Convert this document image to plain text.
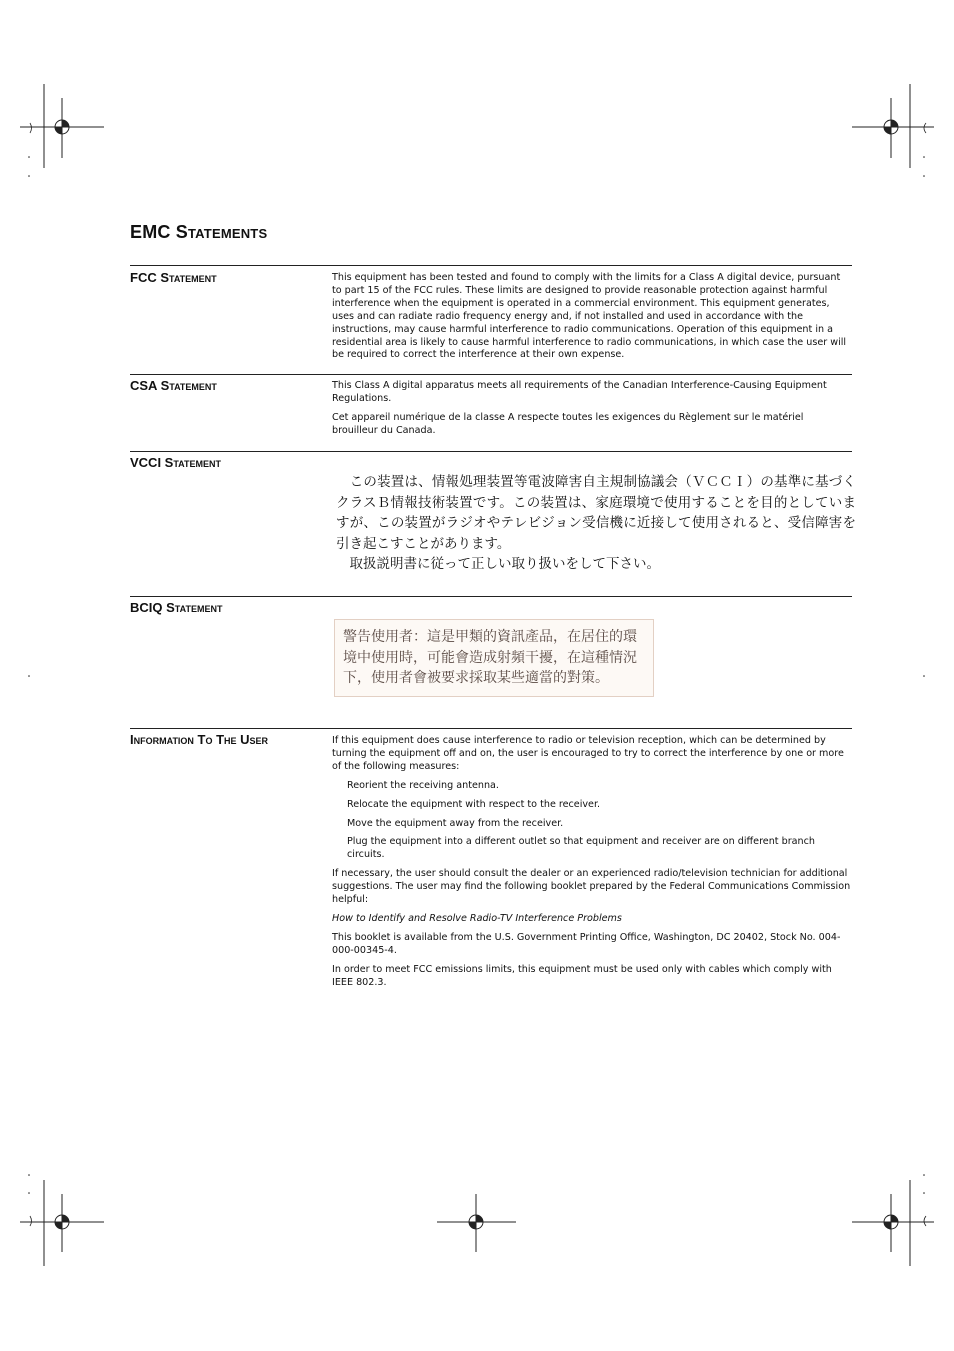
EMC Statements
FCC Statement	This equipment has been tested and found to comply with the limits for a Class A digital device, pursuant to part 15 of the FCC rules. These limits are designed to provide reasonable protection against harmful interference when the equipment is operated in a commercial environment. This equipment generates, uses and can radiate radio frequency energy and, if not installed and used in accordance with the instructions, may cause harmful interference to radio communications. Operation of this equipment in a residential area is likely to cause harmful interference to radio communications, in which case the user will be required to correct the interference at their own expense.

CSA Statement	This Class A digital apparatus meets all requirements of the Canadian Interference-Causing Equipment Regulations.

Cet appareil numérique de la classe A respecte toutes les exigences du Règlement sur le matériel brouilleur du Canada.

VCCI Statement

　この装置は、情報処理装置等電波障害自主規制協議会（ＶＣＣＩ）の基準に基づくクラスＢ情報技術装置です。この装置は、家庭環境で使用することを目的としていますが、この装置がラジオやテレビジョン受信機に近接して使用されると、受信障害を引き起こすことがあります。

　取扱説明書に従って正しい取り扱いをして下さい。

BCIQ Statement
警告使用者：這是甲類的資訊產品，在居住的環境中使用時，可能會造成射頻干擾，在這種情況下，使用者會被要求採取某些適當的對策。
Information To The User	If this equipment does cause interference to radio or television reception, which can be determined by turning the equipment off and on, the user is encouraged to try to correct the interference by one or more of the following measures:

Reorient the receiving antenna.

Relocate the equipment with respect to the receiver.

Move the equipment away from the receiver.

Plug the equipment into a different outlet so that equipment and receiver are on different branch circuits.

If necessary, the user should consult the dealer or an experienced radio/television technician for additional suggestions. The user may find the following booklet prepared by the Federal Communications Commission helpful:

How to Identify and Resolve Radio-TV Interference Problems

This booklet is available from the U.S. Government Printing Office, Washington, DC 20402, Stock No. 004-000-00345-4.

In order to meet FCC emissions limits, this equipment must be used only with cables which comply with IEEE 802.3.
